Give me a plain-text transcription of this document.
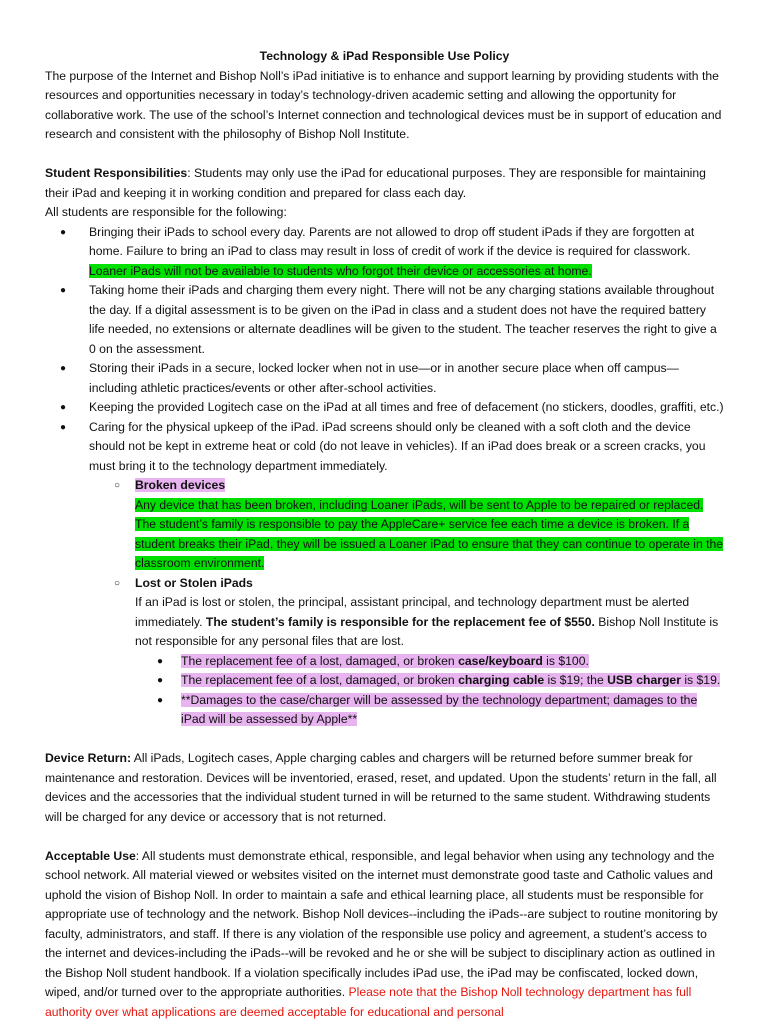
Technology & iPad Responsible Use Policy

The purpose of the Internet and Bishop Noll’s iPad initiative is to enhance and support learning by providing students with the resources and opportunities necessary in today’s technology-driven academic setting and allowing the opportunity for collaborative work. The use of the school’s Internet connection and technological devices must be in support of education and research and consistent with the philosophy of Bishop Noll Institute.

Student Responsibilities: Students may only use the iPad for educational purposes. They are responsible for maintaining their iPad and keeping it in working condition and prepared for class each day.

All students are responsible for the following:

● Bringing their iPads to school every day. Parents are not allowed to drop off student iPads if they are forgotten at home. Failure to bring an iPad to class may result in loss of credit of work if the device is required for classwork. Loaner iPads will not be available to students who forgot their device or accessories at home.
● Taking home their iPads and charging them every night. There will not be any charging stations available throughout the day. If a digital assessment is to be given on the iPad in class and a student does not have the required battery life needed, no extensions or alternate deadlines will be given to the student. The teacher reserves the right to give a 0 on the assessment.
● Storing their iPads in a secure, locked locker when not in use—or in another secure place when off campus—including athletic practices/events or other after-school activities.
● Keeping the provided Logitech case on the iPad at all times and free of defacement (no stickers, doodles, graffiti, etc.)
● Caring for the physical upkeep of the iPad. iPad screens should only be cleaned with a soft cloth and the device should not be kept in extreme heat or cold (do not leave in vehicles). If an iPad does break or a screen cracks, you must bring it to the technology department immediately.
○ Broken devices
Any device that has been broken, including Loaner iPads, will be sent to Apple to be repaired or replaced. The student’s family is responsible to pay the AppleCare+ service fee each time a device is broken. If a student breaks their iPad, they will be issued a Loaner iPad to ensure that they can continue to operate in the classroom environment.
○ Lost or Stolen iPads
If an iPad is lost or stolen, the principal, assistant principal, and technology department must be alerted immediately. The student’s family is responsible for the replacement fee of $550. Bishop Noll Institute is not responsible for any personal files that are lost.
● The replacement fee of a lost, damaged, or broken case/keyboard is $100.
● The replacement fee of a lost, damaged, or broken charging cable is $19; the USB charger is $19.
● **Damages to the case/charger will be assessed by the technology department; damages to the iPad will be assessed by Apple**

Device Return: All iPads, Logitech cases, Apple charging cables and chargers will be returned before summer break for maintenance and restoration. Devices will be inventoried, erased, reset, and updated. Upon the students’ return in the fall, all devices and the accessories that the individual student turned in will be returned to the same student. Withdrawing students will be charged for any device or accessory that is not returned.

Acceptable Use: All students must demonstrate ethical, responsible, and legal behavior when using any technology and the school network. All material viewed or websites visited on the internet must demonstrate good taste and Catholic values and uphold the vision of Bishop Noll. In order to maintain a safe and ethical learning place, all students must be responsible for appropriate use of technology and the network. Bishop Noll devices--including the iPads--are subject to routine monitoring by faculty, administrators, and staff. If there is any violation of the responsible use policy and agreement, a student’s access to the internet and devices-including the iPads--will be revoked and he or she will be subject to disciplinary action as outlined in the Bishop Noll student handbook. If a violation specifically includes iPad use, the iPad may be confiscated, locked down, wiped, and/or turned over to the appropriate authorities. Please note that the Bishop Noll technology department has full authority over what applications are deemed acceptable for educational and personal
